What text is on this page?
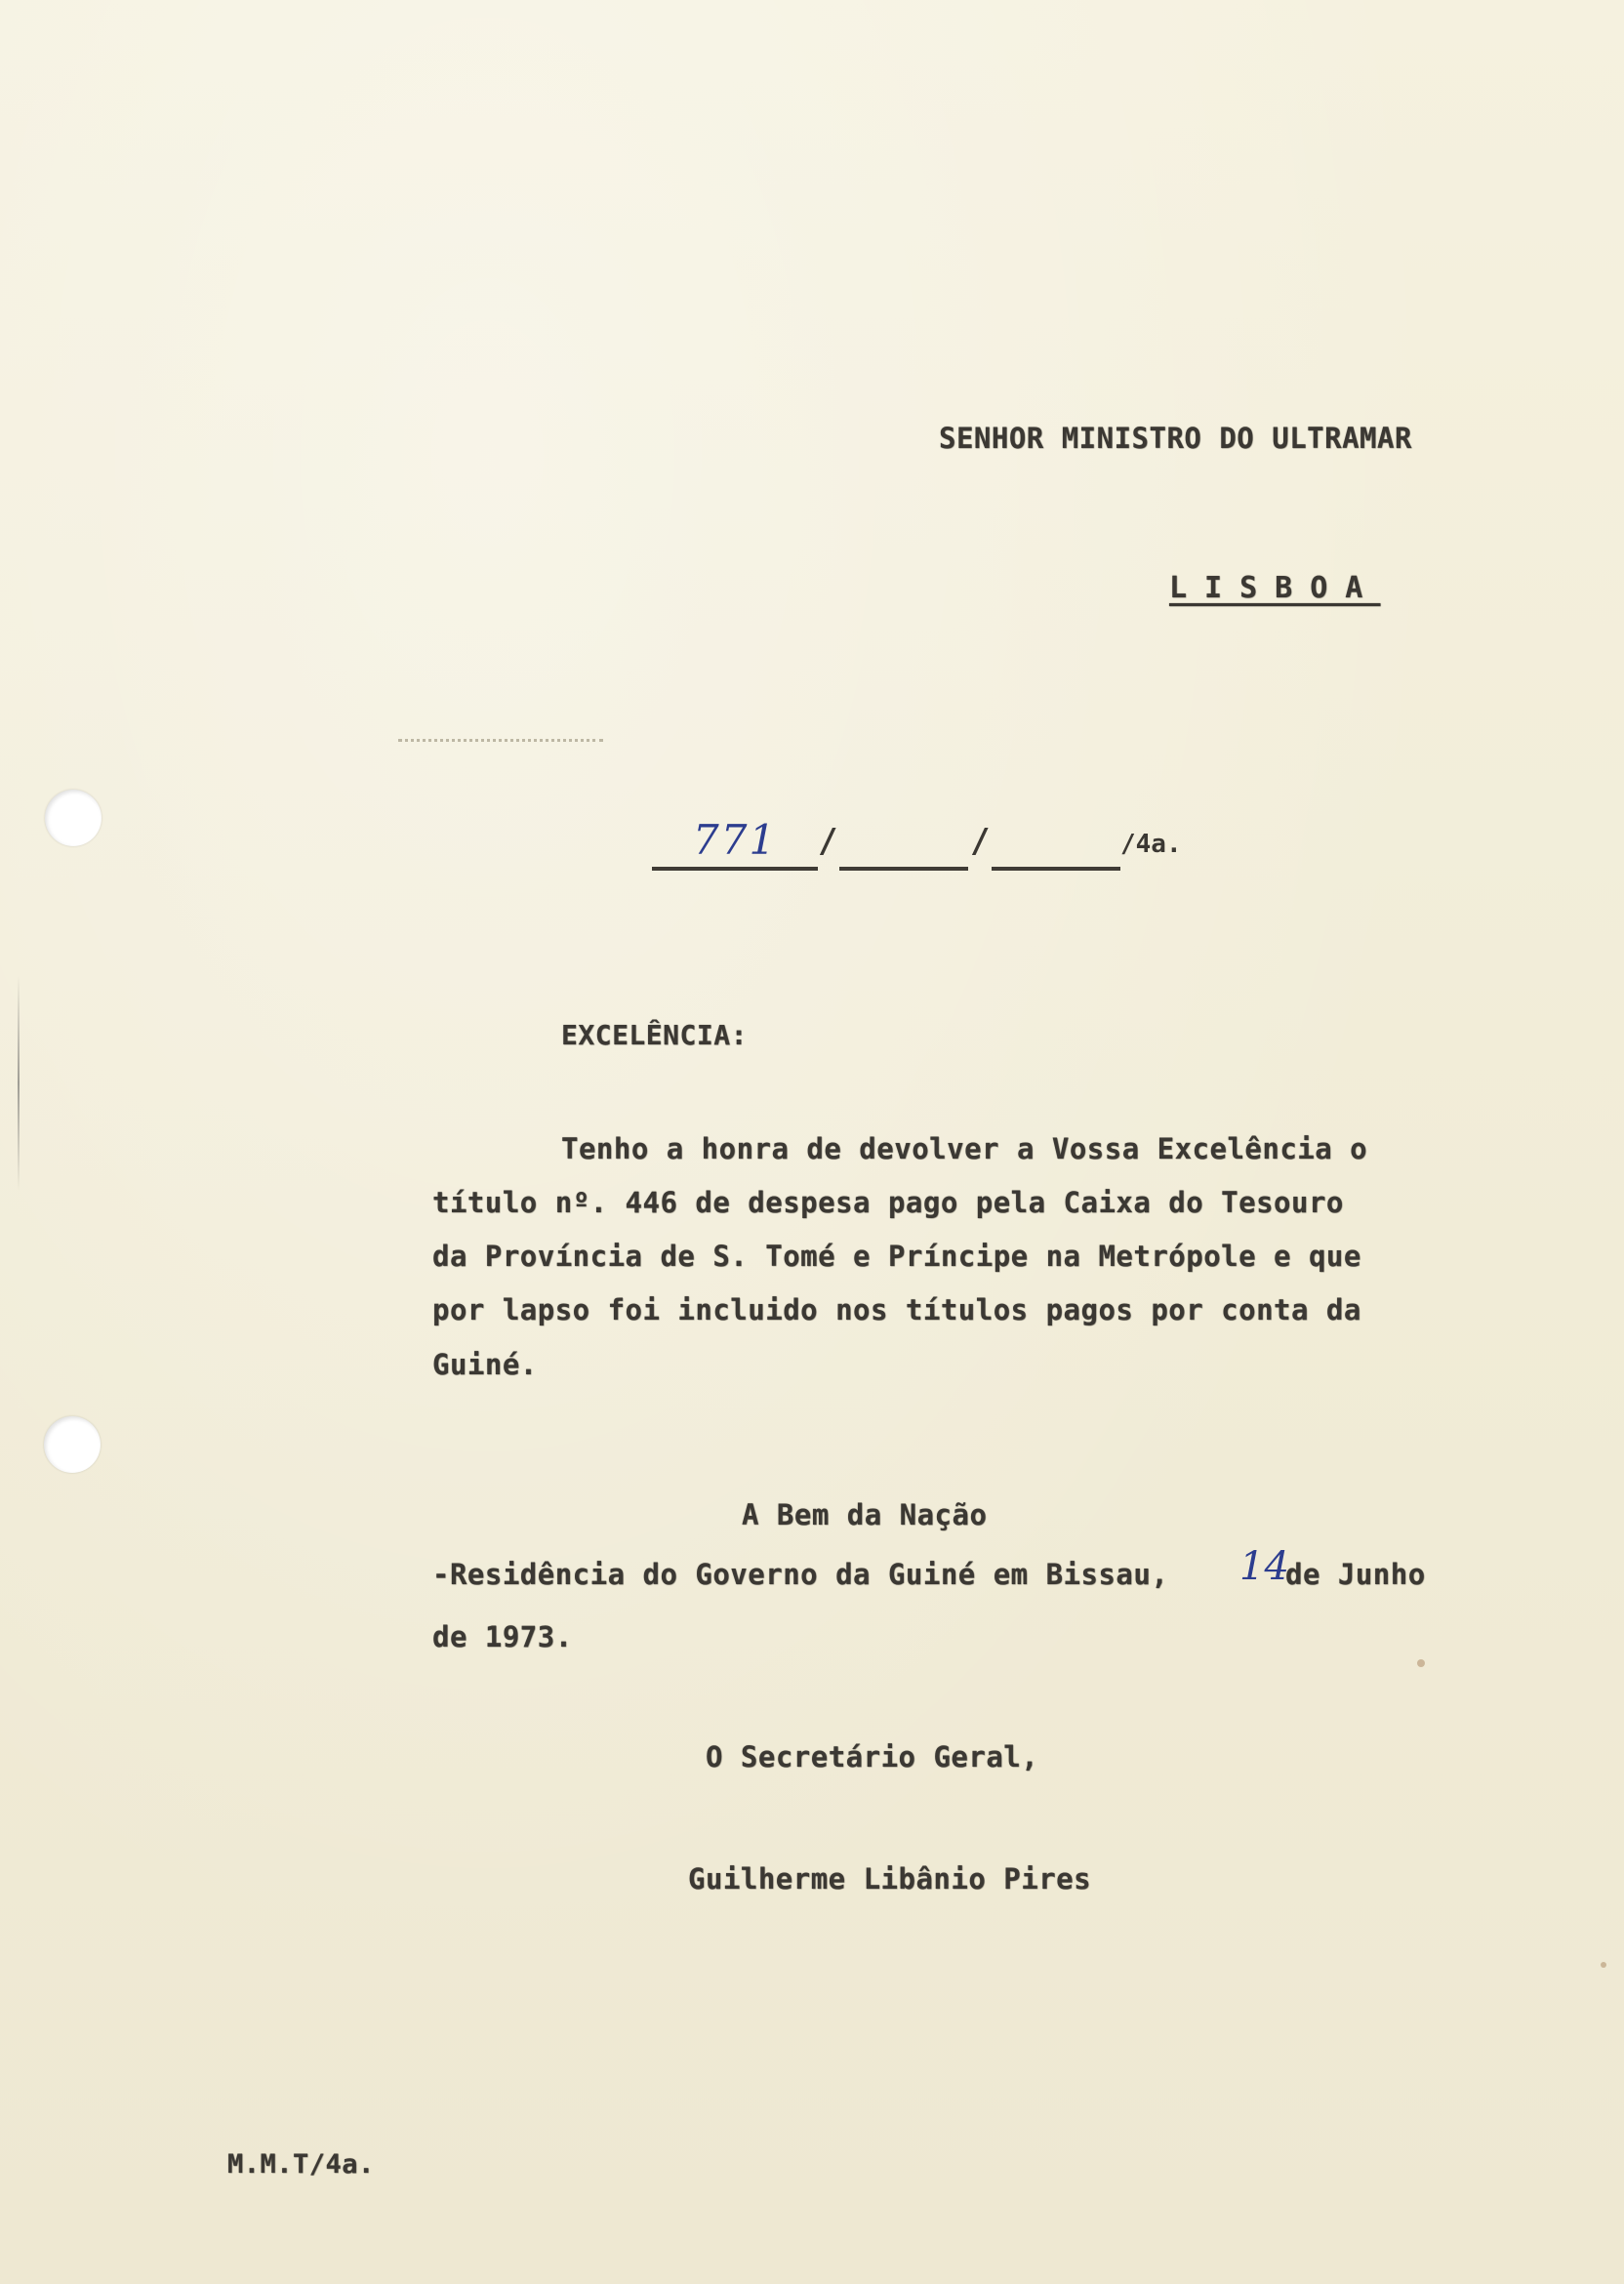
SENHOR MINISTRO DO ULTRAMAR

LISBOA

771 /	/	/4a.

EXCELÊNCIA:

Tenho a honra de devolver a Vossa Excelência o

título nº. 446 de despesa pago pela Caixa do Tesouro

da Província de S. Tomé e Príncipe na Metrópole e que

por lapso foi incluido nos títulos pagos por conta da

Guiné.

A Bem da Nação

-Residência do Governo da Guiné em Bissau, 14

de Junho

de 1973.

O Secretário Geral,

Guilherme Libânio Pires

M.M.T/4a.
